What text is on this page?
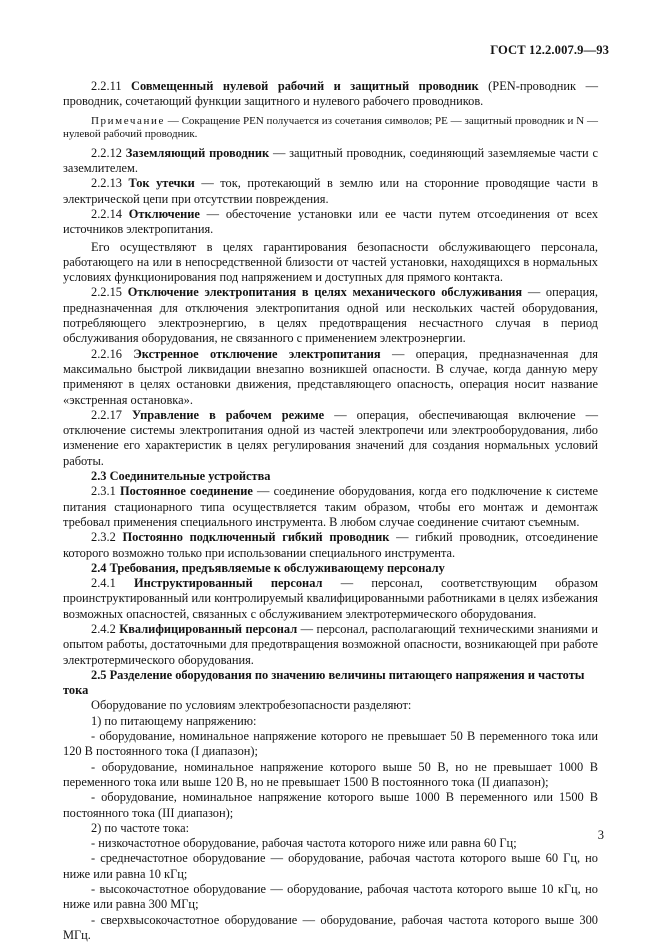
ГОСТ 12.2.007.9—93

2.2.11 Совмещенный нулевой рабочий и защитный проводник (PEN-проводник — проводник, сочетающий функции защитного и нулевого рабочего проводников.

Примечание — Сокращение PEN получается из сочетания символов; PE — защитный проводник и N — нулевой рабочий проводник.

2.2.12 Заземляющий проводник — защитный проводник, соединяющий заземляемые части с заземлителем.

2.2.13 Ток утечки — ток, протекающий в землю или на сторонние проводящие части в электрической цепи при отсутствии повреждения.

2.2.14 Отключение — обесточение установки или ее части путем отсоединения от всех источников электропитания.

Его осуществляют в целях гарантирования безопасности обслуживающего персонала, работающего на или в непосредственной близости от частей установки, находящихся в нормальных условиях функционирования под напряжением и доступных для прямого контакта.

2.2.15 Отключение электропитания в целях механического обслуживания — операция, предназначенная для отключения электропитания одной или нескольких частей оборудования, потребляющего электроэнергию, в целях предотвращения несчастного случая в период обслуживания оборудования, не связанного с применением электроэнергии.

2.2.16 Экстренное отключение электропитания — операция, предназначенная для максимально быстрой ликвидации внезапно возникшей опасности. В случае, когда данную меру применяют в целях остановки движения, представляющего опасность, операция носит название «экстренная остановка».

2.2.17 Управление в рабочем режиме — операция, обеспечивающая включение — отключение системы электропитания одной из частей электропечи или электрооборудования, либо изменение его характеристик в целях регулирования значений для создания нормальных условий работы.

2.3 Соединительные устройства

2.3.1 Постоянное соединение — соединение оборудования, когда его подключение к системе питания стационарного типа осуществляется таким образом, чтобы его монтаж и демонтаж требовал применения специального инструмента. В любом случае соединение считают съемным.

2.3.2 Постоянно подключенный гибкий проводник — гибкий проводник, отсоединение которого возможно только при использовании специального инструмента.

2.4 Требования, предъявляемые к обслуживающему персоналу

2.4.1 Инструктированный персонал — персонал, соответствующим образом проинструктированный или контролируемый квалифицированными работниками в целях избежания возможных опасностей, связанных с обслуживанием электротермического оборудования.

2.4.2 Квалифицированный персонал — персонал, располагающий техническими знаниями и опытом работы, достаточными для предотвращения возможной опасности, возникающей при работе электротермического оборудования.

2.5 Разделение оборудования по значению величины питающего напряжения и частоты тока

Оборудование по условиям электробезопасности разделяют:

1) по питающему напряжению:

- оборудование, номинальное напряжение которого не превышает 50 В переменного тока или 120 В постоянного тока (I диапазон);

- оборудование, номинальное напряжение которого выше 50 В, но не превышает 1000 В переменного тока или выше 120 В, но не превышает 1500 В постоянного тока (II диапазон);

- оборудование, номинальное напряжение которого выше 1000 В переменного или 1500 В постоянного тока (III диапазон);

2) по частоте тока:

- низкочастотное оборудование, рабочая частота которого ниже или равна 60 Гц;

- среднечастотное оборудование — оборудование, рабочая частота которого выше 60 Гц, но ниже или равна 10 кГц;

- высокочастотное оборудование — оборудование, рабочая частота которого выше 10 кГц, но ниже или равна 300 МГц;

- сверхвысокочастотное оборудование — оборудование, рабочая частота которого выше 300 МГц.

3
